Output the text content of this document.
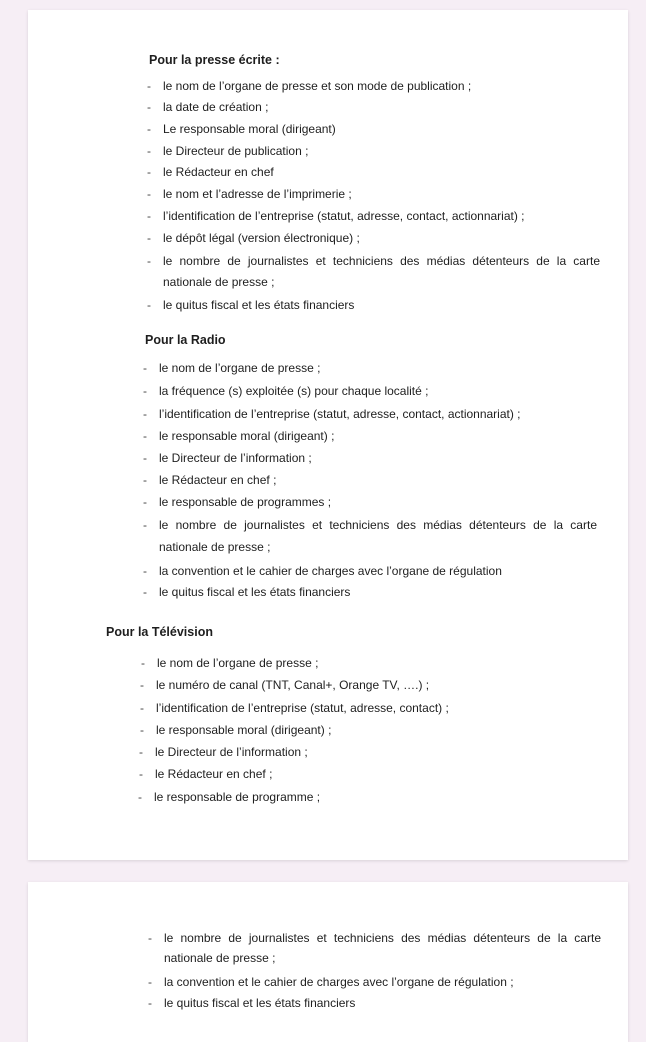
Pour la presse écrite :
- le nom de l’organe de presse et son mode de publication ;
- la date de création ;
- Le responsable moral (dirigeant)
- le Directeur de publication ;
- le Rédacteur en chef
- le nom et l’adresse de l’imprimerie ;
- l’identification de l’entreprise (statut, adresse, contact, actionnariat) ;
- le dépôt légal (version électronique) ;
- le nombre de journalistes et techniciens des médias détenteurs de la carte
nationale de presse ;
- le quitus fiscal et les états financiers
Pour la Radio
- le nom de l’organe de presse ;
- la fréquence (s) exploitée (s) pour chaque localité ;
- l’identification de l’entreprise (statut, adresse, contact, actionnariat) ;
- le responsable moral (dirigeant) ;
- le Directeur de l’information ;
- le Rédacteur en chef ;
- le responsable de programmes ;
- le nombre de journalistes et techniciens des médias détenteurs de la carte
nationale de presse ;
- la convention et le cahier de charges avec l’organe de régulation
- le quitus fiscal et les états financiers
Pour la Télévision
- le nom de l’organe de presse ;
- le numéro de canal (TNT, Canal+, Orange TV, ….) ;
- l’identification de l’entreprise (statut, adresse, contact) ;
- le responsable moral (dirigeant) ;
- le Directeur de l’information ;
- le Rédacteur en chef ;
- le responsable de programme ;
- le nombre de journalistes et techniciens des médias détenteurs de la carte
nationale de presse ;
- la convention et le cahier de charges avec l’organe de régulation ;
- le quitus fiscal et les états financiers
